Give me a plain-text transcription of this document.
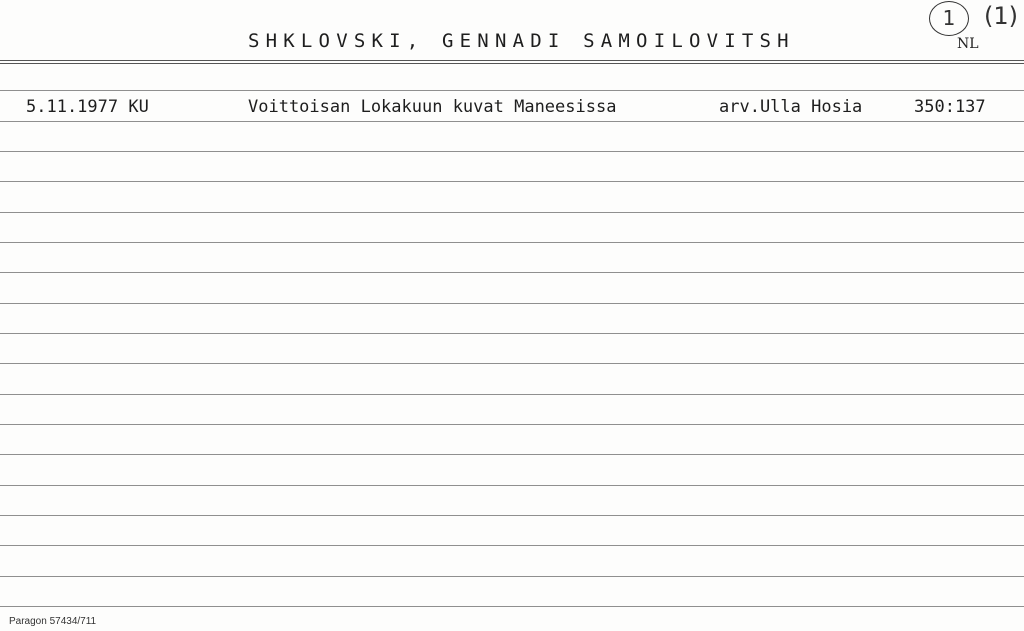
1	(1)
SHKLOVSKI, GENNADI SAMOILOVITSH	NL
5.11.1977 KU	Voittoisan Lokakuun kuvat Maneesissa	arv.Ulla Hosia	350:137
Paragon 57434/711
